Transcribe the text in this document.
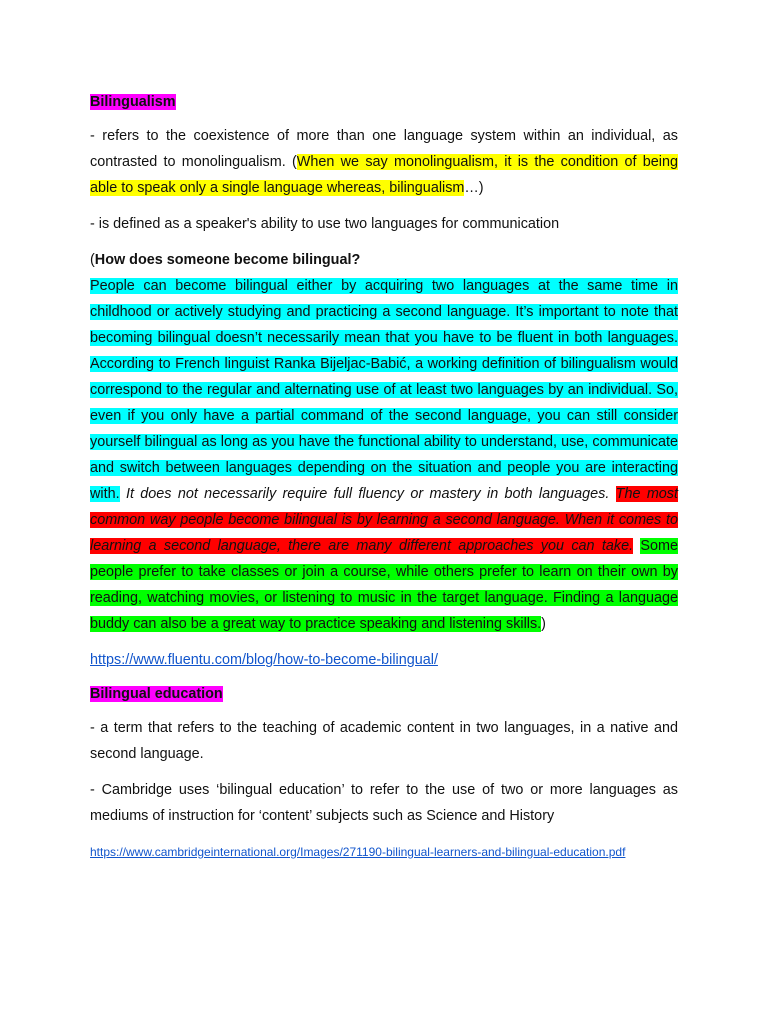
Bilingualism

- refers to the coexistence of more than one language system within an individual, as contrasted to monolingualism. (When we say monolingualism, it is the condition of being able to speak only a single language whereas, bilingualism…)

- is defined as a speaker's ability to use two languages for communication

(How does someone become bilingual?

People can become bilingual either by acquiring two languages at the same time in childhood or actively studying and practicing a second language. It’s important to note that becoming bilingual doesn’t necessarily mean that you have to be fluent in both languages. According to French linguist Ranka Bijeljac-Babić, a working definition of bilingualism would correspond to the regular and alternating use of at least two languages by an individual. So, even if you only have a partial command of the second language, you can still consider yourself bilingual as long as you have the functional ability to understand, use, communicate and switch between languages depending on the situation and people you are interacting with. It does not necessarily require full fluency or mastery in both languages. The most common way people become bilingual is by learning a second language. When it comes to learning a second language, there are many different approaches you can take. Some people prefer to take classes or join a course, while others prefer to learn on their own by reading, watching movies, or listening to music in the target language. Finding a language buddy can also be a great way to practice speaking and listening skills.)

https://www.fluentu.com/blog/how-to-become-bilingual/

Bilingual education

- a term that refers to the teaching of academic content in two languages, in a native and second language.

- Cambridge uses ‘bilingual education’ to refer to the use of two or more languages as mediums of instruction for ‘content’ subjects such as Science and History

https://www.cambridgeinternational.org/Images/271190-bilingual-learners-and-bilingual-education.pdf
